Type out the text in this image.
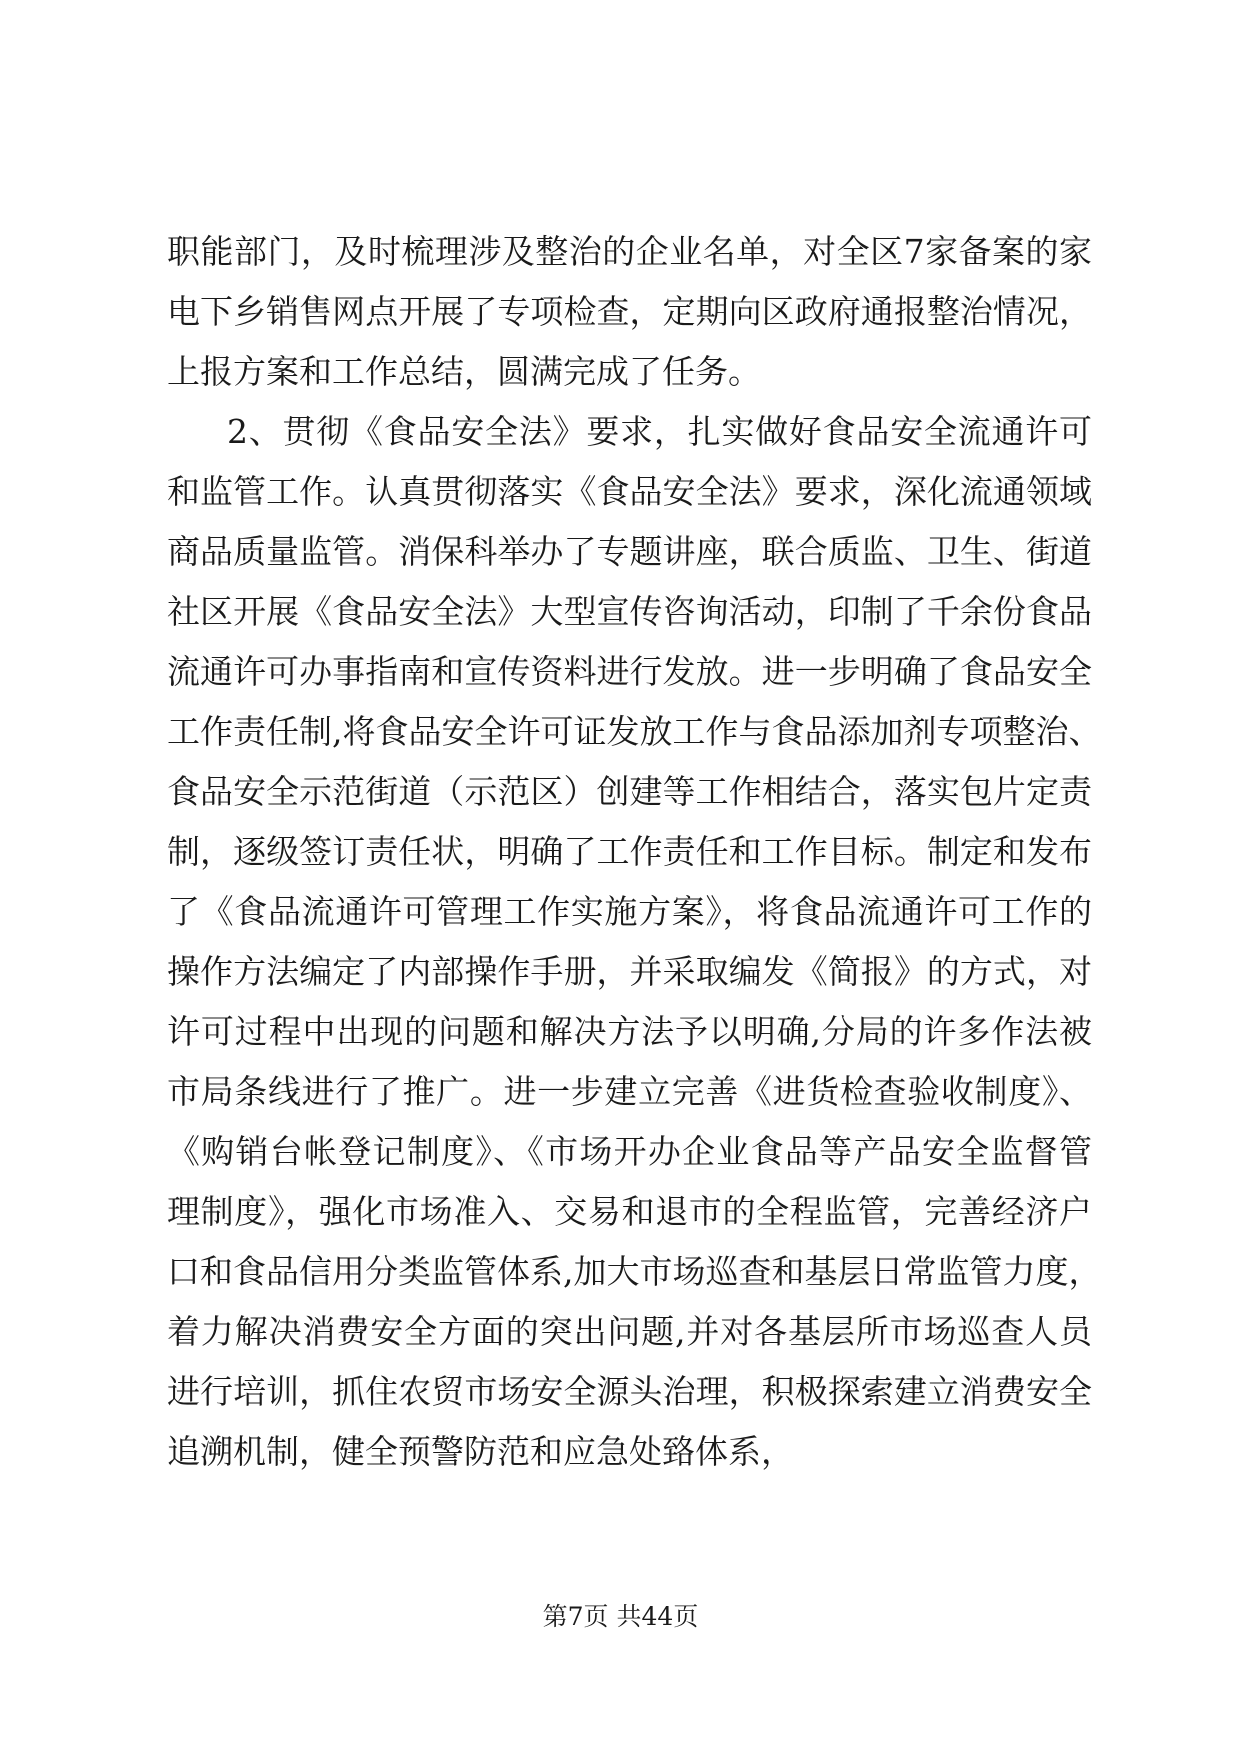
职能部门，及时梳理涉及整治的企业名单，对全区7家备案的家
电下乡销售网点开展了专项检查，定期向区政府通报整治情况，
上报方案和工作总结，圆满完成了任务。
2、贯彻《食品安全法》要求，扎实做好食品安全流通许可
和监管工作。认真贯彻落实《食品安全法》要求，深化流通领域
商品质量监管。消保科举办了专题讲座，联合质监、卫生、街道
社区开展《食品安全法》大型宣传咨询活动，印制了千余份食品
流通许可办事指南和宣传资料进行发放。进一步明确了食品安全
工作责任制,将食品安全许可证发放工作与食品添加剂专项整治、
食品安全示范街道（示范区）创建等工作相结合，落实包片定责
制，逐级签订责任状，明确了工作责任和工作目标。制定和发布
了《食品流通许可管理工作实施方案》，将食品流通许可工作的
操作方法编定了内部操作手册，并采取编发《简报》的方式，对
许可过程中出现的问题和解决方法予以明确,分局的许多作法被
市局条线进行了推广。进一步建立完善《进货检查验收制度》、
《购销台帐登记制度》、《市场开办企业食品等产品安全监督管
理制度》，强化市场准入、交易和退市的全程监管，完善经济户
口和食品信用分类监管体系,加大市场巡查和基层日常监管力度，
着力解决消费安全方面的突出问题,并对各基层所市场巡查人员
进行培训，抓住农贸市场安全源头治理，积极探索建立消费安全
追溯机制，健全预警防范和应急处臵体系，
第7页 共44页
